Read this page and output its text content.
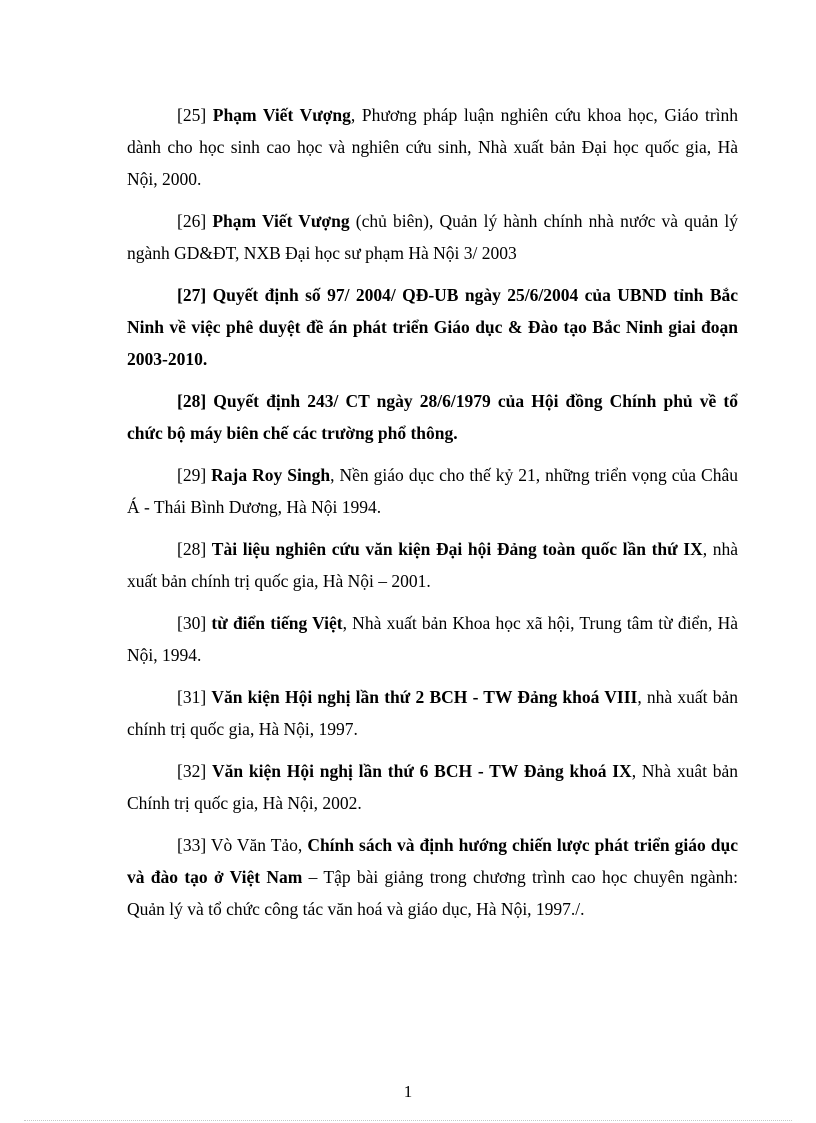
[25] Phạm Viết Vượng, Phương pháp luận nghiên cứu khoa học, Giáo trình dành cho học sinh cao học và nghiên cứu sinh, Nhà xuất bản Đại học quốc gia, Hà Nội, 2000.

[26] Phạm Viết Vượng (chủ biên), Quản lý hành chính nhà nước và quản lý ngành GD&ĐT, NXB Đại học sư phạm Hà Nội 3/ 2003

[27] Quyết định số 97/ 2004/ QĐ-UB ngày 25/6/2004 của UBND tỉnh Bắc Ninh về việc phê duyệt đề án phát triển Giáo dục & Đào tạo Bắc Ninh giai đoạn 2003-2010.

[28] Quyết định 243/ CT ngày 28/6/1979 của Hội đồng Chính phủ về tổ chức bộ máy biên chế các trường phổ thông.

[29] Raja Roy Singh, Nền giáo dục cho thế kỷ 21, những triển vọng của Châu Á - Thái Bình Dương, Hà Nội 1994.

[28] Tài liệu nghiên cứu văn kiện Đại hội Đảng toàn quốc lần thứ IX, nhà xuất bản chính trị quốc gia, Hà Nội – 2001.

[30] từ điển tiếng Việt, Nhà xuất bản Khoa học xã hội, Trung tâm từ điển, Hà Nội, 1994.

[31] Văn kiện Hội nghị lần thứ 2 BCH - TW Đảng khoá VIII, nhà xuất bản chính trị quốc gia, Hà Nội, 1997.

[32] Văn kiện Hội nghị lần thứ 6 BCH - TW Đảng khoá IX, Nhà xuât bản Chính trị quốc gia, Hà Nội, 2002.

[33] Vò Văn Tảo, Chính sách và định hướng chiến lược phát triển giáo dục và đào tạo ở Việt Nam – Tập bài giảng trong chương trình cao học chuyên ngành: Quản lý và tổ chức công tác văn hoá và giáo dục, Hà Nội, 1997./.

1
